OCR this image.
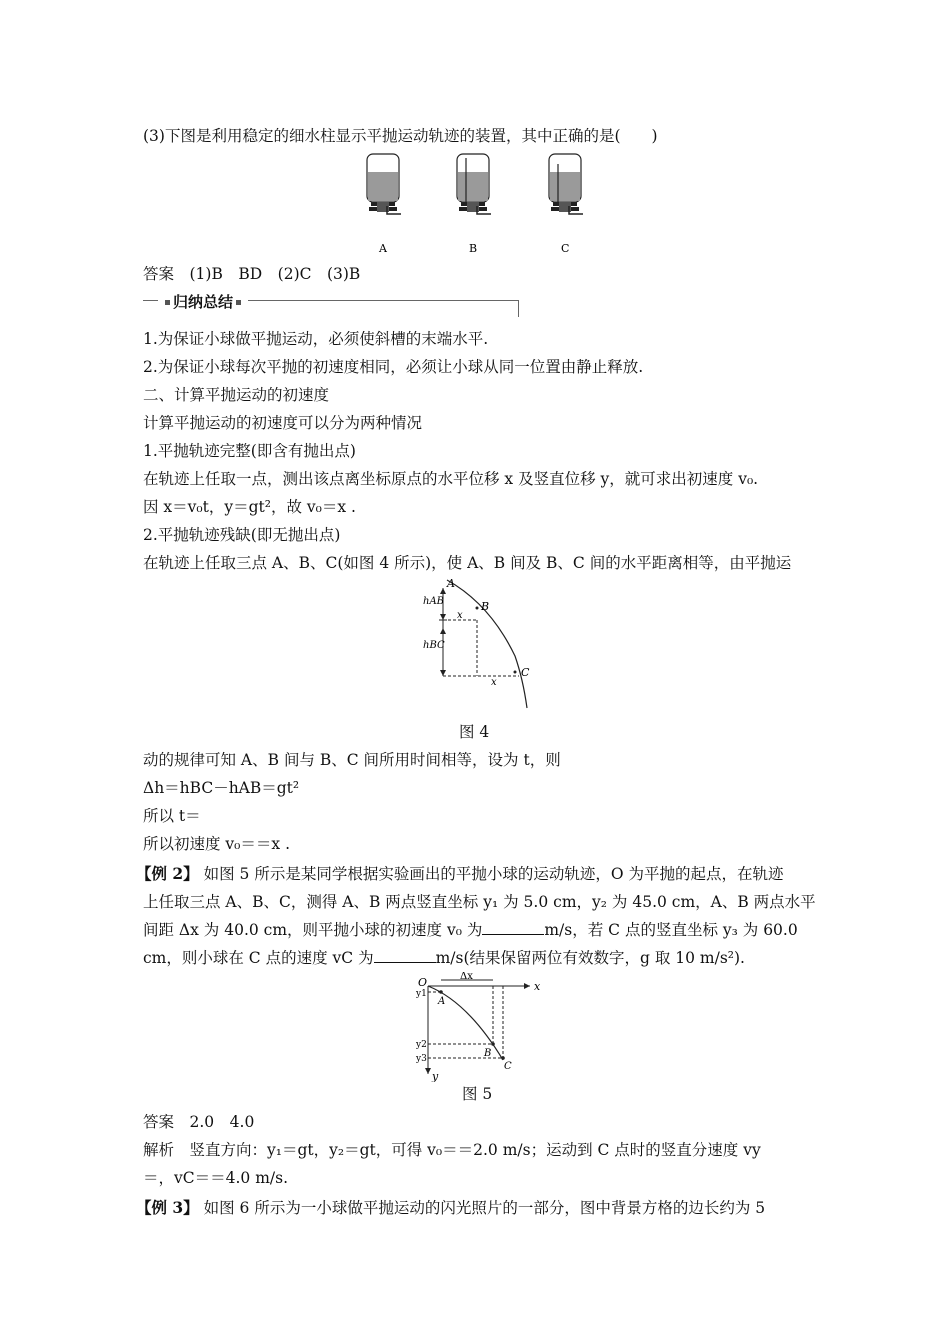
(3)下图是利用稳定的细水柱显示平抛运动轨迹的装置，其中正确的是(　　)
A	B	C
答案　(1)B　BD　(2)C　(3)B
归纳总结
1.为保证小球做平抛运动，必须使斜槽的末端水平.
2.为保证小球每次平抛的初速度相同，必须让小球从同一位置由静止释放.
二、计算平抛运动的初速度
计算平抛运动的初速度可以分为两种情况
1.平抛轨迹完整(即含有抛出点)
在轨迹上任取一点，测出该点离坐标原点的水平位移 x 及竖直位移 y，就可求出初速度 v₀.
因 x＝v₀t，y＝gt²，故 v₀＝x .
2.平抛轨迹残缺(即无抛出点)
在轨迹上任取三点 A、B、C(如图 4 所示)，使 A、B 间及 B、C 间的水平距离相等，由平抛运
A
B
C
hAB
hBC
x
x
图 4
动的规律可知 A、B 间与 B、C 间所用时间相等，设为 t，则
Δh＝hBC－hAB＝gt²
所以 t＝
所以初速度 v₀＝＝x .
【例 2】 如图 5 所示是某同学根据实验画出的平抛小球的运动轨迹，O 为平抛的起点，在轨迹
上任取三点 A、B、C，测得 A、B 两点竖直坐标 y₁ 为 5.0 cm，y₂ 为 45.0 cm，A、B 两点水平
间距 Δx 为 40.0 cm，则平抛小球的初速度 v₀ 为	m/s，若 C 点的竖直坐标 y₃ 为 60.0
cm，则小球在 C 点的速度 vC 为	m/s(结果保留两位有效数字，g 取 10 m/s²).
O	Δx
x
y
y1
y2
y3
A
B
C
图 5
答案　2.0　4.0
解析　竖直方向：y₁＝gt，y₂＝gt，可得 v₀＝＝2.0 m/s；运动到 C 点时的竖直分速度 vy
＝，vC＝＝4.0 m/s.
【例 3】 如图 6 所示为一小球做平抛运动的闪光照片的一部分，图中背景方格的边长约为 5
